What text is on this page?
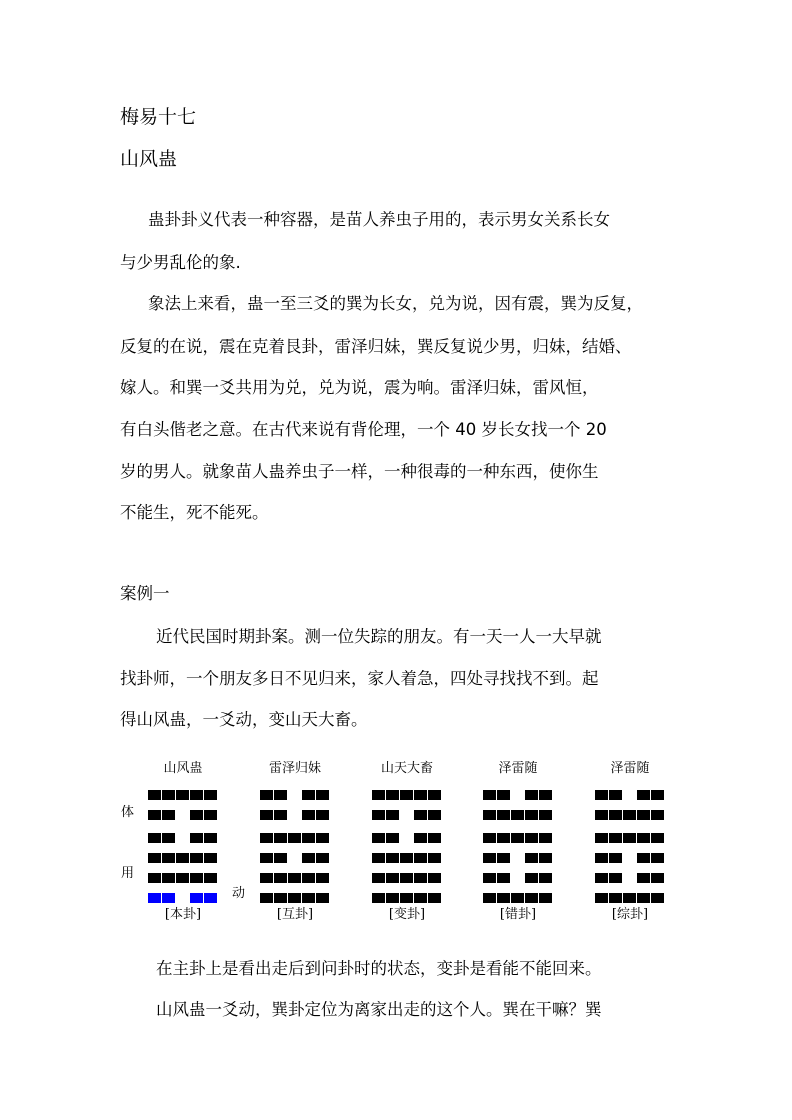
梅易十七
山风蛊
蛊卦卦义代表一种容器，是苗人养虫子用的，表示男女关系长女
与少男乱伦的象.
象法上来看，蛊一至三爻的巽为长女，兑为说，因有震，巽为反复，
反复的在说，震在克着艮卦，雷泽归妹，巽反复说少男，归妹，结婚、
嫁人。和巽一爻共用为兑，兑为说，震为响。雷泽归妹，雷风恒，
有白头偕老之意。在古代来说有背伦理，一个 40 岁长女找一个 20
岁的男人。就象苗人蛊养虫子一样，一种很毒的一种东西，使你生
不能生，死不能死。
案例一
近代民国时期卦案。测一位失踪的朋友。有一天一人一大早就
找卦师，一个朋友多日不见归来，家人着急，四处寻找找不到。起
得山风蛊，一爻动，变山天大畜。
体
用
动
山风蛊
[本卦]
雷泽归妹
[互卦]
山天大畜
[变卦]
泽雷随
[错卦]
泽雷随
[综卦]
在主卦上是看出走后到问卦时的状态，变卦是看能不能回来。
山风蛊一爻动，巽卦定位为离家出走的这个人。巽在干嘛？巽
